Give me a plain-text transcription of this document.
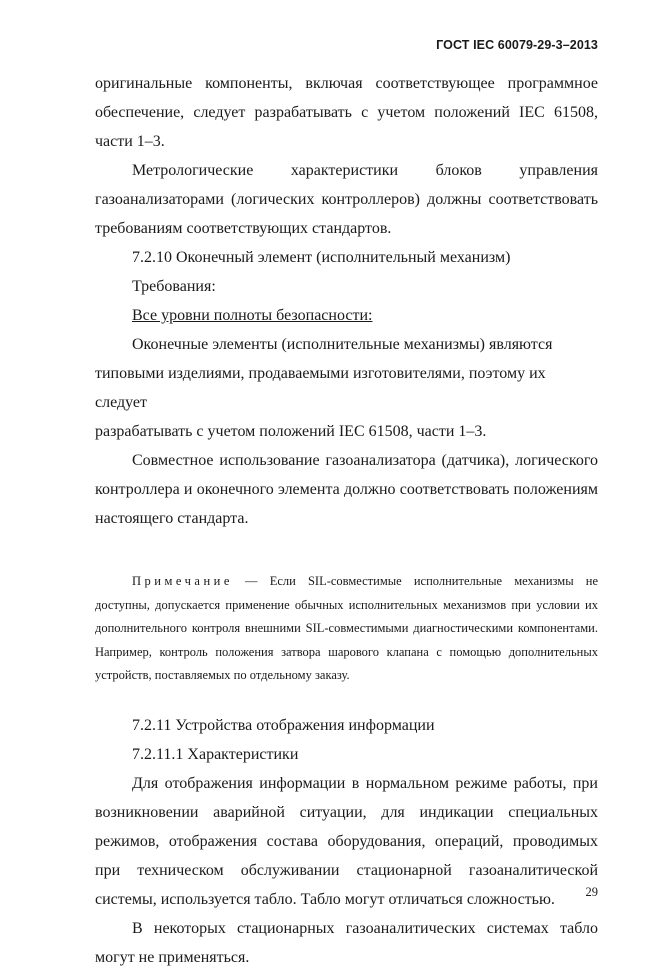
ГОСТ IEC 60079-29-3–2013

оригинальные компоненты, включая соответствующее программное обеспечение, следует разрабатывать с учетом положений IEC 61508, части 1–3.

Метрологические характеристики блоков управления газоанализаторами (логических контроллеров) должны соответствовать требованиям соответствующих стандартов.

7.2.10 Оконечный элемент (исполнительный механизм)

Требования:

Все уровни полноты безопасности:

Оконечные элементы (исполнительные механизмы) являются

типовыми изделиями, продаваемыми изготовителями, поэтому их следует

разрабатывать с учетом положений IEC 61508, части 1–3.

Совместное использование газоанализатора (датчика), логического контроллера и оконечного элемента должно соответствовать положениям настоящего стандарта.

Примечание — Если SIL-совместимые исполнительные механизмы не доступны, допускается применение обычных исполнительных механизмов при условии их дополнительного контроля внешними SIL-совместимыми диагностическими компонентами. Например, контроль положения затвора шарового клапана с помощью дополнительных устройств, поставляемых по отдельному заказу.

7.2.11 Устройства отображения информации

7.2.11.1 Характеристики

Для отображения информации в нормальном режиме работы, при возникновении аварийной ситуации, для индикации специальных режимов, отображения состава оборудования, операций, проводимых при техническом обслуживании стационарной газоаналитической системы, используется табло. Табло могут отличаться сложностью.

В некоторых стационарных газоаналитических системах табло могут не применяться.

29
